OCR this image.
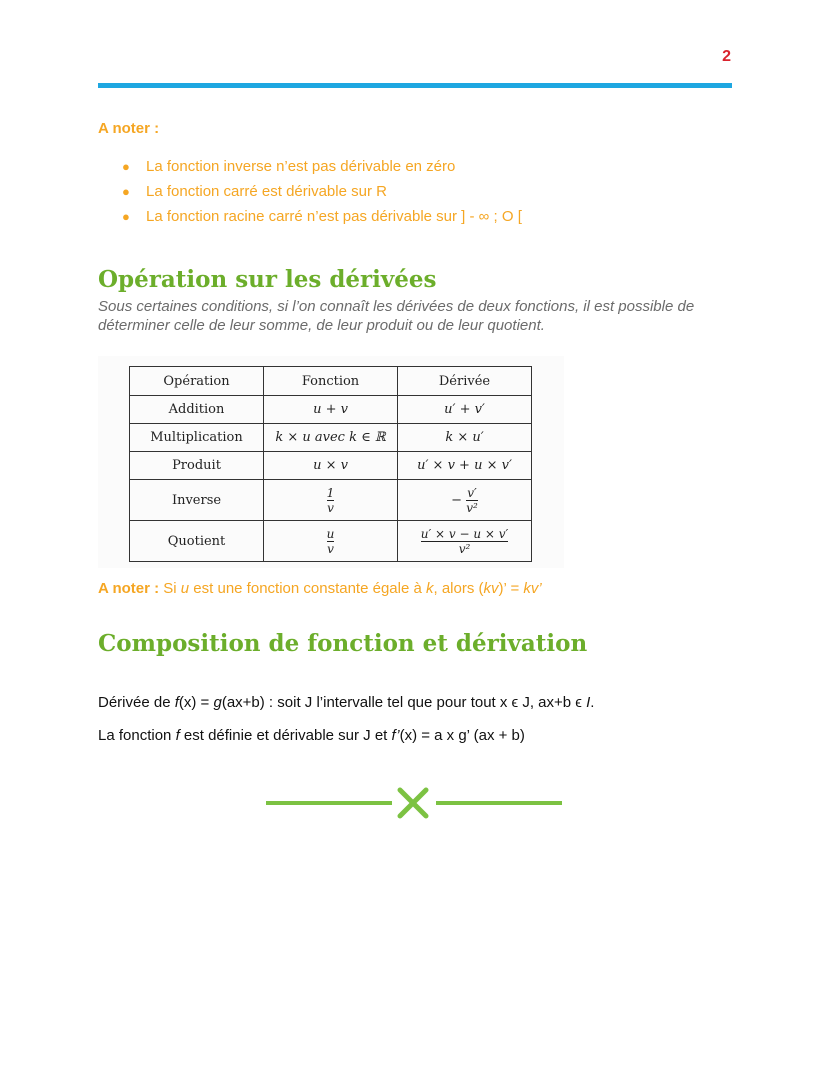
2
A noter :
● La fonction inverse n’est pas dérivable en zéro
● La fonction carré est dérivable sur R
● La fonction racine carré n’est pas dérivable sur ] - ∞ ; O [
Opération sur les dérivées
Sous certaines conditions, si l’on connaît les dérivées de deux fonctions, il est possible de déterminer celle de leur somme, de leur produit ou de leur quotient.
Opération	Fonction	Dérivée
Addition	u + v	u′ + v′
Multiplication	k × u avec k ∈ ℝ	k × u′
Produit	u × v	u′ × v + u × v′
Inverse	$\frac{1}{v}$	− $\frac{v'}{\text{v²}}$

Quotient	$\frac{u}{v}$	$\frac{u' \times v - u \times v'}{\text{v²}}$
A noter : Si u est une fonction constante égale à k, alors (kv)’ = kv’
Composition de fonction et dérivation
Dérivée de f(x) = g(ax+b) : soit J l’intervalle tel que pour tout x ϵ J, ax+b ϵ I.
La fonction f est définie et dérivable sur J et f’(x) = a x g’ (ax + b)
